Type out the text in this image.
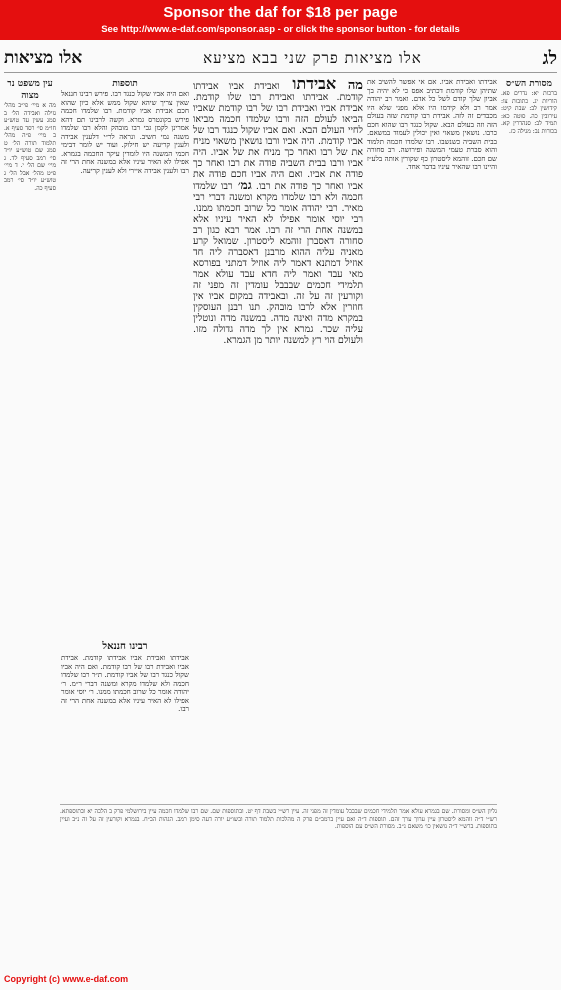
Sponsor the daf for $18 per page
See http://www.e-daf.com/sponsor.asp - or click the sponsor button - for details
לג
אלו מציאות פרק שני בבא מציעא
אלו מציאות
מסורת הש״ס
ברכות יא: נדרים פא. הוריות יג. כתובות צו: קידושין לב: שבת קיט: עירובין כה. סוטה כא: תמיד לב: סנהדרין קא. בכורות נב: מגילה כז.
אבידתו ואבידת אביו. אם אי אפשר להשיב את שתיהן שלו קודמת דכתיב אפס כי לא יהיה בך אביון שלך קודם לשל כל אדם. ואמר רב יהודה אמר רב ולא קידמו היו אלא מפני שלא היו מכבדים זה לזה. אבידת רבו קודמת שזה בעולם הזה וזה בעולם הבא. שקול כנגד רבו שהוא חכם כרבו. נושאין משאוי ואין יכולין לעמוד במשאם. בבית השביה כשנשבו. רבו שלמדו חכמה תלמוד והוא סברת טעמי המשנה ופירושה. רב סחורה שם חכם. זוהמא ליסטרון כף שקורין אותה בלע״ז והיינו רבו שהאיר עיניו בדבר אחד.
מה אבידתו ואבידת אביו אבידתו קודמת. אבידתו ואבידת רבו שלו קודמת. אבידת אביו ואבידת רבו של רבו קודמת שאביו הביאו לעולם הזה ורבו שלמדו חכמה מביאו לחיי העולם הבא. ואם אביו שקול כנגד רבו של אביו קודמת. היה אביו ורבו נושאין משאוי מניח את של רבו ואחר כך מניח את של אביו. היה אביו ורבו בבית השביה פודה את רבו ואחר כך פודה את אביו. ואם היה אביו חכם פודה את אביו ואחר כך פודה את רבו. גמ׳ רבו שלמדו חכמה ולא רבו שלמדו מקרא ומשנה דברי רבי מאיר. רבי יהודה אומר כל שרוב חכמתו ממנו. רבי יוסי אומר אפילו לא האיר עיניו אלא במשנה אחת הרי זה רבו. אמר רבא כגון רב סחורה דאסברן זוהמא ליסטרון. שמואל קרע מאניה עליה ההוא מרבנן דאסברה ליה חד אוזיל דמתנא דאמר ליה אוזיל דמתני בפורסא מאי עבד ואמר ליה חדא עבד עולא אמר תלמידי חכמים שבבבל עומדין זה מפני זה וקורעין זה על זה. ובאבידה במקום אביו אין חוזרין אלא לרבו מובהק. תנו רבנן העוסקין במקרא מדה ואינה מדה. במשנה מדה ונוטלין עליה שכר. גמרא אין לך מדה גדולה מזו. ולעולם הוי רץ למשנה יותר מן הגמרא.
תוספות
ואם היה אביו שקול כנגד רבו. פירש רבינו חננאל שאין צריך שיהא שקול ממש אלא כיון שהוא חכם אבידת אביו קודמת. רבו שלמדו חכמה פירש בקונטרס גמרא. וקשה לרבינו תם דהא אמרינן לקמן גבי רבו מובהק והלא רבו שלמדו משנה נמי חשיב. ונראה לר״י דלענין אבידה ולענין קריעה יש חילוק. ועוד יש לומר דבימי חכמי המשנה היו לומדין עיקר החכמה בגמרא. אפילו לא האיר עיניו אלא במשנה אחת הרי זה רבו ולענין אבידה איירי ולא לענין קריעה.
רבינו חננאל
אבידתו ואבידת אביו אבידתו קודמת. אבידת אביו ואבידת רבו של רבו קודמת. ואם היה אביו שקול כנגד רבו של אביו קודמת. ת״ר רבו שלמדו חכמה ולא שלמדו מקרא ומשנה דברי ר״מ. ר׳ יהודה אומר כל שרוב חכמתו ממנו. ר׳ יוסי אומר אפילו לא האיר עיניו אלא במשנה אחת הרי זה רבו.
עין משפט נר מצוה
מה א מיי׳ פי״ב מהל׳ גזילה ואבידה הל׳ ב סמג עשין עד טוש״ע חו״מ סי׳ רסד סעיף א. ב מיי׳ פ״ה מהל׳ תלמוד תורה הל׳ ט סמג שם טוש״ע יו״ד סי׳ רמב סעיף לד. ג מיי׳ שם הל׳ י. ד מיי׳ פ״ט מהל׳ אבל הל׳ ג טוש״ע יו״ד סי׳ רמב סעיף כה.
גליון הש״ס ומסורת. שם בגמרא עולא אמר תלמידי חכמים שבבבל עומדין זה מפני זה. עיין רש״י בשבת דף יט. ובתוספות שם. שם רבו שלמדו חכמה עיין בירושלמי פרק ב הלכה יא ובתוספתא. רש״י ד״ה זוהמא ליסטרון עיין ערוך ערך זהם. תוספות ד״ה ואם עיין ברמב״ם פרק ה מהלכות תלמוד תורה ובשו״ע יורה דעה סימן רמב. הגהות הב״ח. בגמרא וקורעין זה על זה נ״ב ועיין בתוספות. ברש״י ד״ה נושאין כו׳ משאם נ״ב. מסורת הש״ס עם הוספות.
Copyright (c) www.e-daf.com
